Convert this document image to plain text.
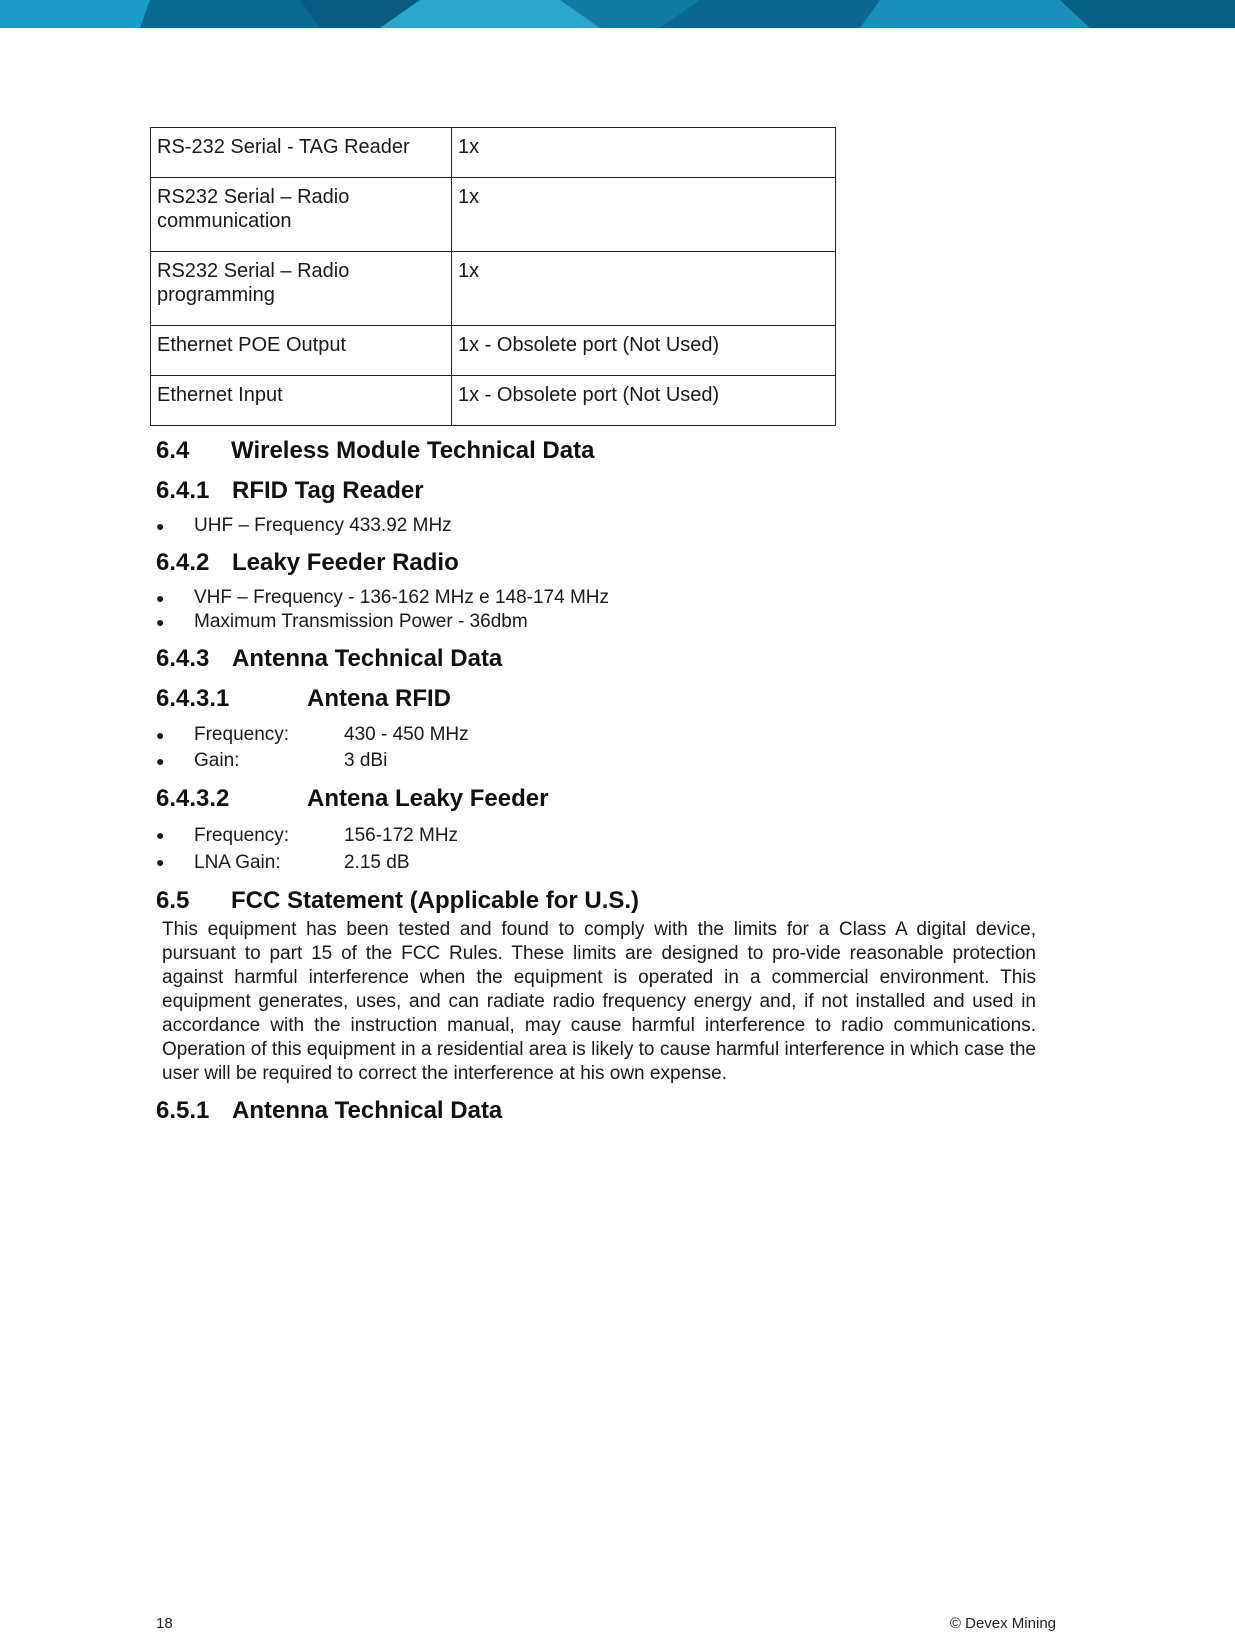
RS-232 Serial - TAG Reader	1x
RS232 Serial – Radio communication	1x
RS232 Serial – Radio programming	1x
Ethernet POE Output	1x - Obsolete port (Not Used)
Ethernet Input	1x - Obsolete port (Not Used)
6.4 Wireless Module Technical Data
6.4.1 RFID Tag Reader
● UHF – Frequency 433.92 MHz
6.4.2 Leaky Feeder Radio
● VHF – Frequency - 136-162 MHz e 148-174 MHz
● Maximum Transmission Power - 36dbm
6.4.3 Antenna Technical Data
6.4.3.1	Antena RFID
● Frequency:	430 - 450 MHz
● Gain:	3 dBi
6.4.3.2	Antena Leaky Feeder
● Frequency:	156-172 MHz
● LNA Gain:	2.15 dB
6.5 FCC Statement (Applicable for U.S.)

This equipment has been tested and found to comply with the limits for a Class A digital device, pursuant to part 15 of the FCC Rules. These limits are designed to pro-vide reasonable protection against harmful interference when the equipment is operated in a commercial environment. This equipment generates, uses, and can radiate radio frequency energy and, if not installed and used in accordance with the instruction manual, may cause harmful interference to radio communications. Operation of this equipment in a residential area is likely to cause harmful interference in which case the user will be required to correct the interference at his own expense.

6.5.1 Antenna Technical Data
18	© Devex Mining
